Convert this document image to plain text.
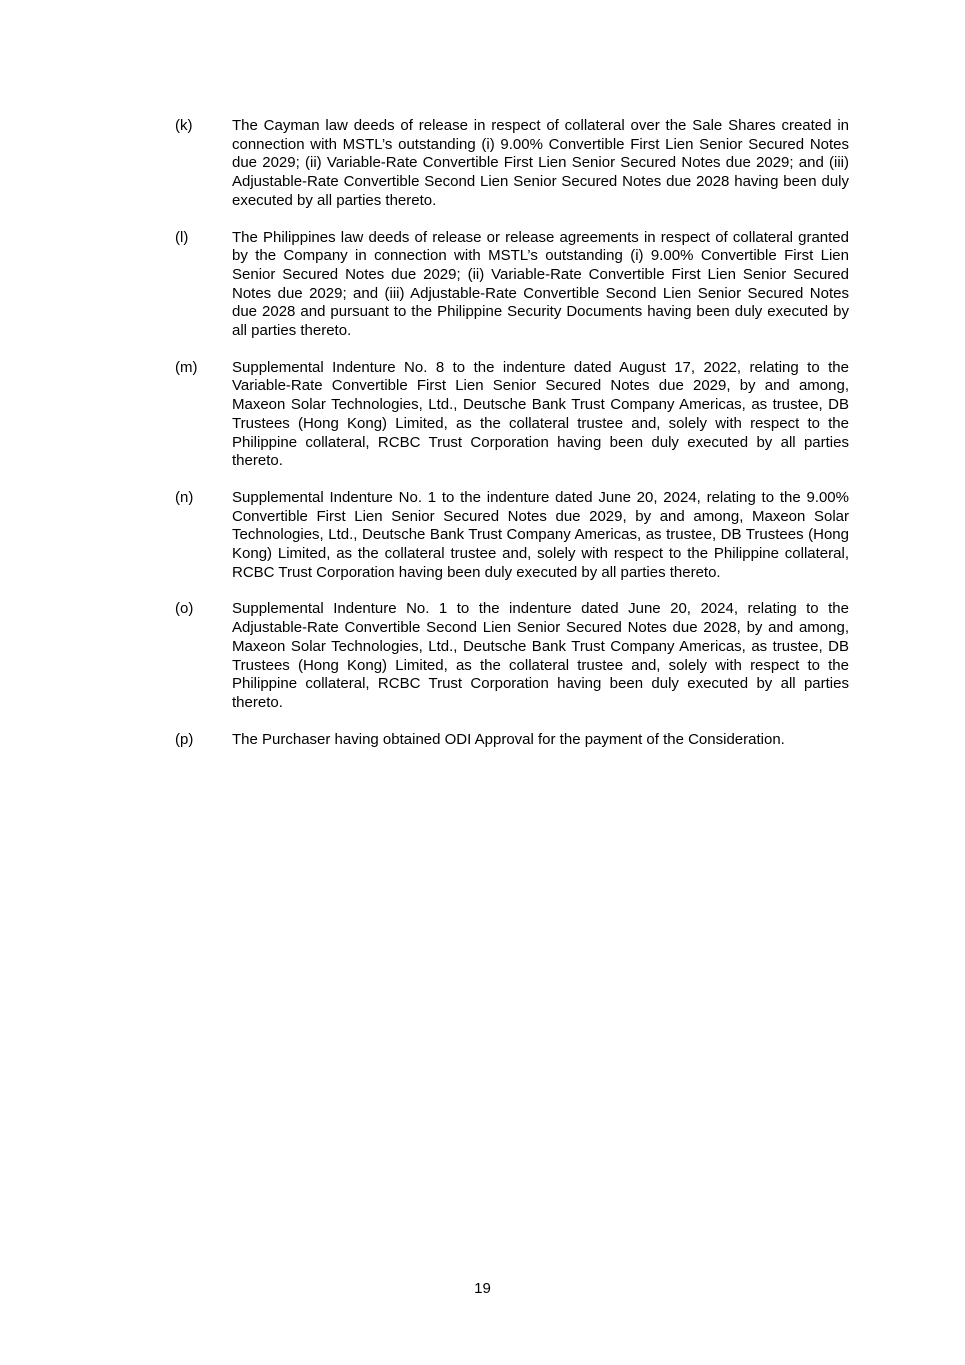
(k)	The Cayman law deeds of release in respect of collateral over the Sale Shares created in connection with MSTL’s outstanding (i) 9.00% Convertible First Lien Senior Secured Notes due 2029; (ii) Variable-Rate Convertible First Lien Senior Secured Notes due 2029; and (iii) Adjustable-Rate Convertible Second Lien Senior Secured Notes due 2028 having been duly executed by all parties thereto.

(l)	The Philippines law deeds of release or release agreements in respect of collateral granted by the Company in connection with MSTL’s outstanding (i) 9.00% Convertible First Lien Senior Secured Notes due 2029; (ii) Variable-Rate Convertible First Lien Senior Secured Notes due 2029; and (iii) Adjustable-Rate Convertible Second Lien Senior Secured Notes due 2028 and pursuant to the Philippine Security Documents having been duly executed by all parties thereto.

(m)	Supplemental Indenture No. 8 to the indenture dated August 17, 2022, relating to the Variable-Rate Convertible First Lien Senior Secured Notes due 2029, by and among, Maxeon Solar Technologies, Ltd., Deutsche Bank Trust Company Americas, as trustee, DB Trustees (Hong Kong) Limited, as the collateral trustee and, solely with respect to the Philippine collateral, RCBC Trust Corporation having been duly executed by all parties thereto.

(n)	Supplemental Indenture No. 1 to the indenture dated June 20, 2024, relating to the 9.00% Convertible First Lien Senior Secured Notes due 2029, by and among, Maxeon Solar Technologies, Ltd., Deutsche Bank Trust Company Americas, as trustee, DB Trustees (Hong Kong) Limited, as the collateral trustee and, solely with respect to the Philippine collateral, RCBC Trust Corporation having been duly executed by all parties thereto.

(o)	Supplemental Indenture No. 1 to the indenture dated June 20, 2024, relating to the Adjustable-Rate Convertible Second Lien Senior Secured Notes due 2028, by and among, Maxeon Solar Technologies, Ltd., Deutsche Bank Trust Company Americas, as trustee, DB Trustees (Hong Kong) Limited, as the collateral trustee and, solely with respect to the Philippine collateral, RCBC Trust Corporation having been duly executed by all parties thereto.

(p)	The Purchaser having obtained ODI Approval for the payment of the Consideration.

19
